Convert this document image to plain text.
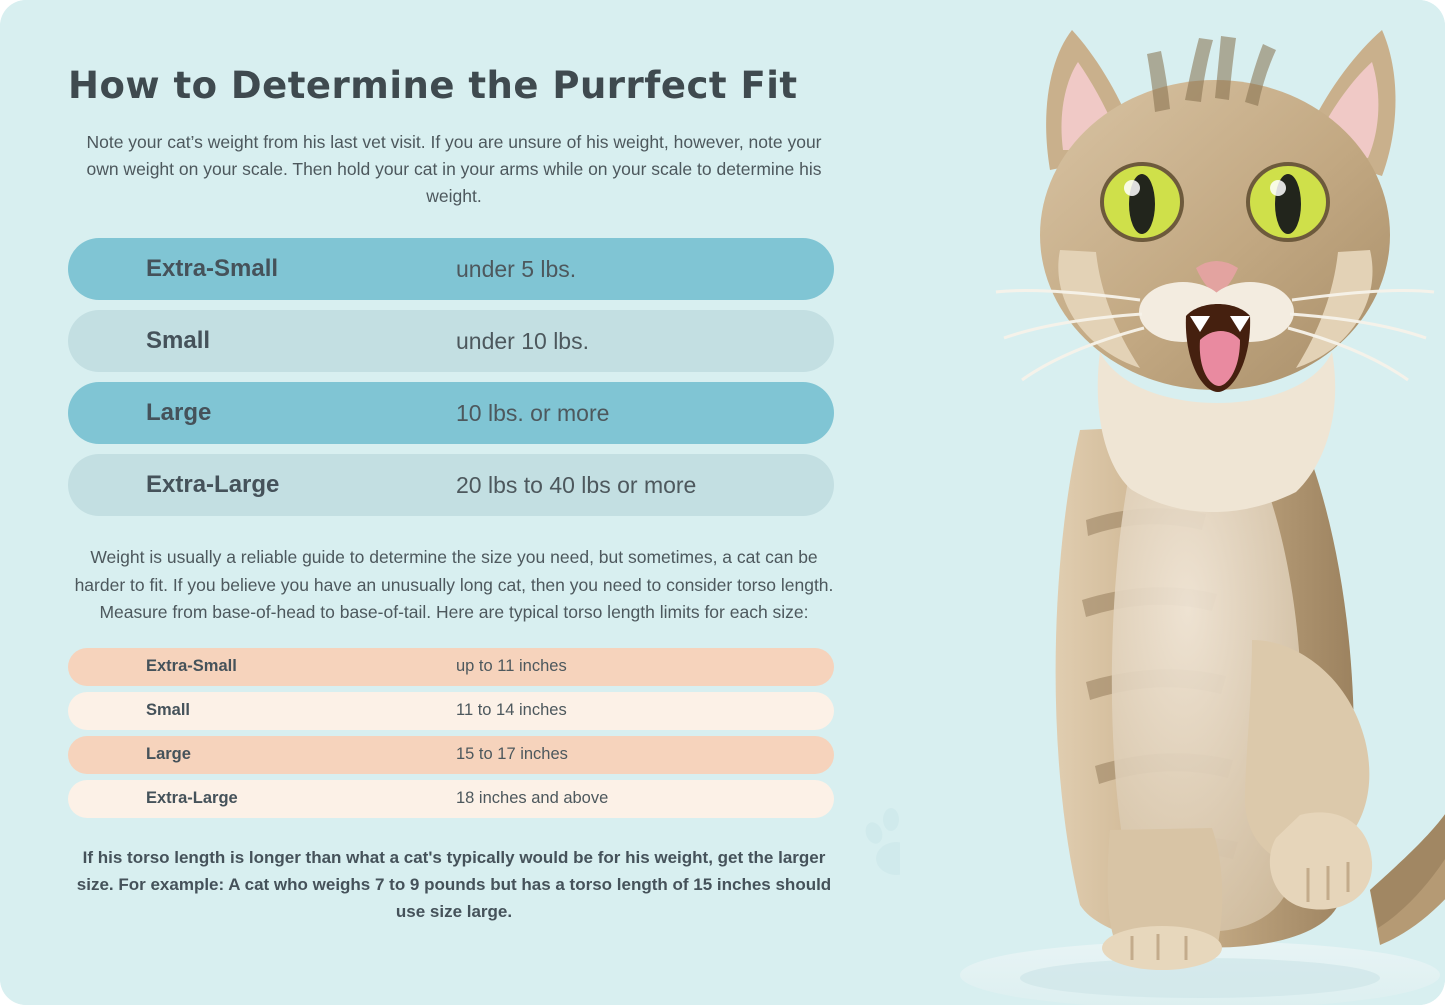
How to Determine the Purrfect Fit

Note your cat’s weight from his last vet visit. If you are unsure of his weight, however, note your own weight on your scale. Then hold your cat in your arms while on your scale to determine his weight.

Extra-Small	under 5 lbs.
Small	under 10 lbs.
Large	10 lbs. or more
Extra-Large	20 lbs to 40 lbs or more

Weight is usually a reliable guide to determine the size you need, but sometimes, a cat can be harder to fit. If you believe you have an unusually long cat, then you need to consider torso length. Measure from base-of-head to base-of-tail. Here are typical torso length limits for each size:

Extra-Small	up to 11 inches
Small	11 to 14 inches
Large	15 to 17 inches
Extra-Large	18 inches and above

If his torso length is longer than what a cat's typically would be for his weight, get the larger size. For example: A cat who weighs 7 to 9 pounds but has a torso length of 15 inches should use size large.
